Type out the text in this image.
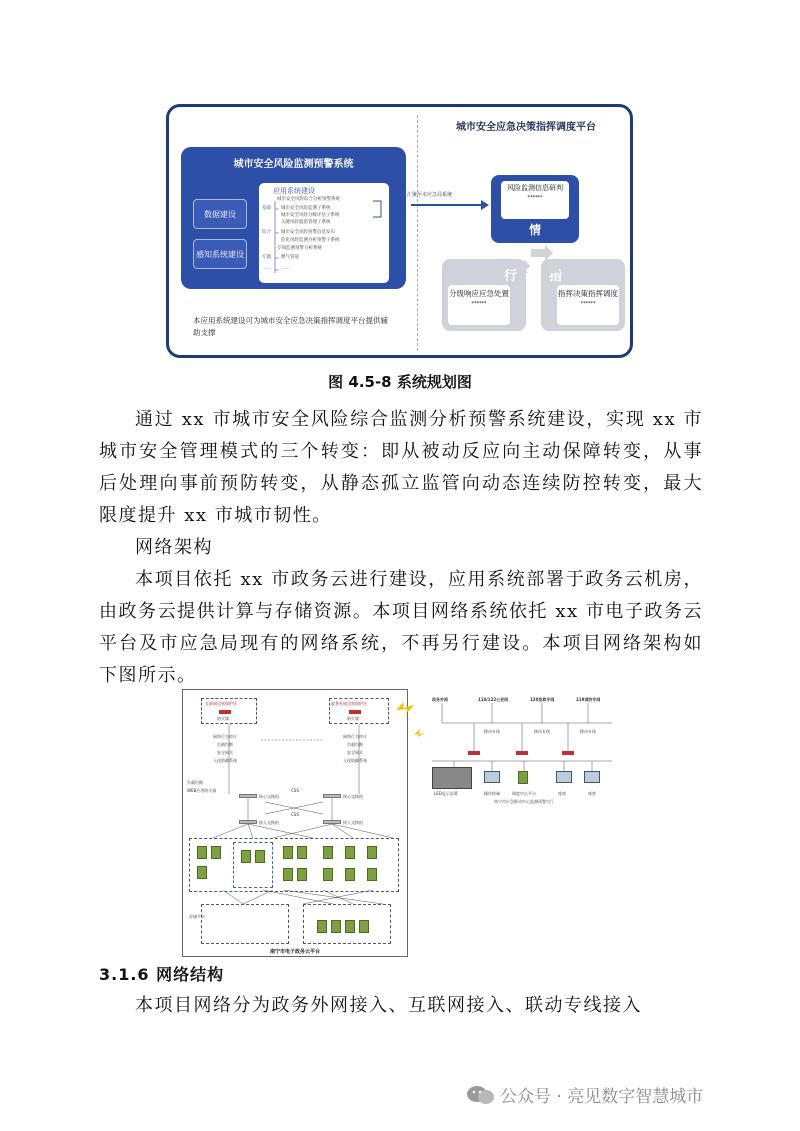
城市安全风险监测预警系统
数据建设
感知系统建设
应用系统建设
城市安全风险综合分析预警系统
基础 城市安全风险监测子系统
城市安全风险分级评估子系统
关键风险隐患管理子系统
综合 城市安全风险预警信息发布
危化风险监测分析预警子系统
专项监测预警分析系统
专题 燃气管道
…… ……
本应用系统建设可为城市安全应急决策指挥调度平台提供辅助支撑
城市安全应急决策指挥调度平台
汇聚至市应急局系统
风险监测信息研判
******
情
行
分级响应应急处置
******
指
指挥决策指挥调度
******
图 4.5-8 系统规划图
通过 xx 市城市安全风险综合监测分析预警系统建设，实现 xx 市城市安全管理模式的三个转变：即从被动反应向主动保障转变，从事后处理向事前预防转变，从静态孤立监管向动态连续防控转变，最大限度提升 xx 市城市韧性。
网络架构
本项目依托 xx 市政务云进行建设，应用系统部署于政务云机房，由政务云提供计算与存储资源。本项目网络系统依托 xx 市电子政务云平台及市应急局现有的网络系统，不再另行建设。本项目网络架构如下图所示。
互联网边界保护区
防火墙
政务外网边界保护区
防火墙
网络行为审计
负载均衡
安全网关
入侵防御系统
网络行为审计
负载均衡
安全网关
入侵防御系统
负载均衡
WEB应用防火墙
核心交换机	核心交换机
CSS
CSS
接入交换机	接入交换机
存储平台
南宁市电子政务云平台
政务外网	110/122公安网	120急救专网	119消防专网
移动专线	移动专线	移动专线
LED显示屏幕	操作终端	调度中心平台	座席	座席
南宁市应急联动中心监测预警大厅
3.1.6 网络结构
本项目网络分为政务外网接入、互联网接入、联动专线接入
公众号 · 亮见数字智慧城市
